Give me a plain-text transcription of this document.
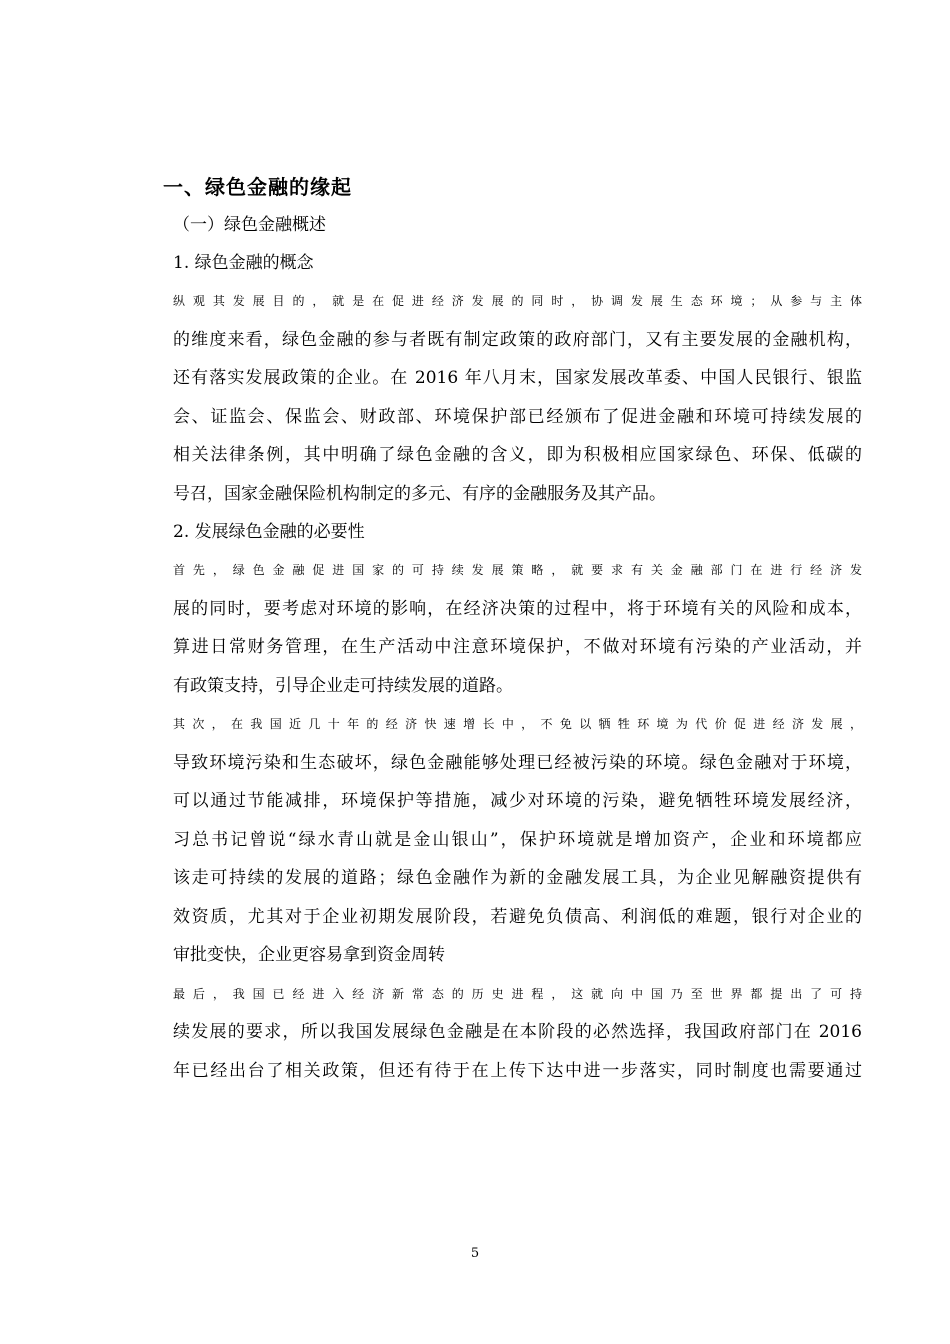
一、绿色金融的缘起

（一）绿色金融概述

1. 绿色金融的概念

纵观其发展目的，就是在促进经济发展的同时，协调发展生态环境；从参与主体
的维度来看，绿色金融的参与者既有制定政策的政府部门，又有主要发展的金融机构，
还有落实发展政策的企业。在 2016 年八月末，国家发展改革委、中国人民银行、银监
会、证监会、保监会、财政部、环境保护部已经颁布了促进金融和环境可持续发展的
相关法律条例，其中明确了绿色金融的含义，即为积极相应国家绿色、环保、低碳的
号召，国家金融保险机构制定的多元、有序的金融服务及其产品。

2. 发展绿色金融的必要性

首先，绿色金融促进国家的可持续发展策略，就要求有关金融部门在进行经济发
展的同时，要考虑对环境的影响，在经济决策的过程中，将于环境有关的风险和成本，
算进日常财务管理，在生产活动中注意环境保护，不做对环境有污染的产业活动，并
有政策支持，引导企业走可持续发展的道路。

其次，在我国近几十年的经济快速增长中，不免以牺牲环境为代价促进经济发展，
导致环境污染和生态破坏，绿色金融能够处理已经被污染的环境。绿色金融对于环境，
可以通过节能减排，环境保护等措施，减少对环境的污染，避免牺牲环境发展经济，
习总书记曾说“绿水青山就是金山银山”，保护环境就是增加资产，企业和环境都应
该走可持续的发展的道路；绿色金融作为新的金融发展工具，为企业见解融资提供有
效资质，尤其对于企业初期发展阶段，若避免负债高、利润低的难题，银行对企业的
审批变快，企业更容易拿到资金周转

最后，我国已经进入经济新常态的历史进程，这就向中国乃至世界都提出了可持
续发展的要求，所以我国发展绿色金融是在本阶段的必然选择，我国政府部门在 2016
年已经出台了相关政策，但还有待于在上传下达中进一步落实，同时制度也需要通过

5
